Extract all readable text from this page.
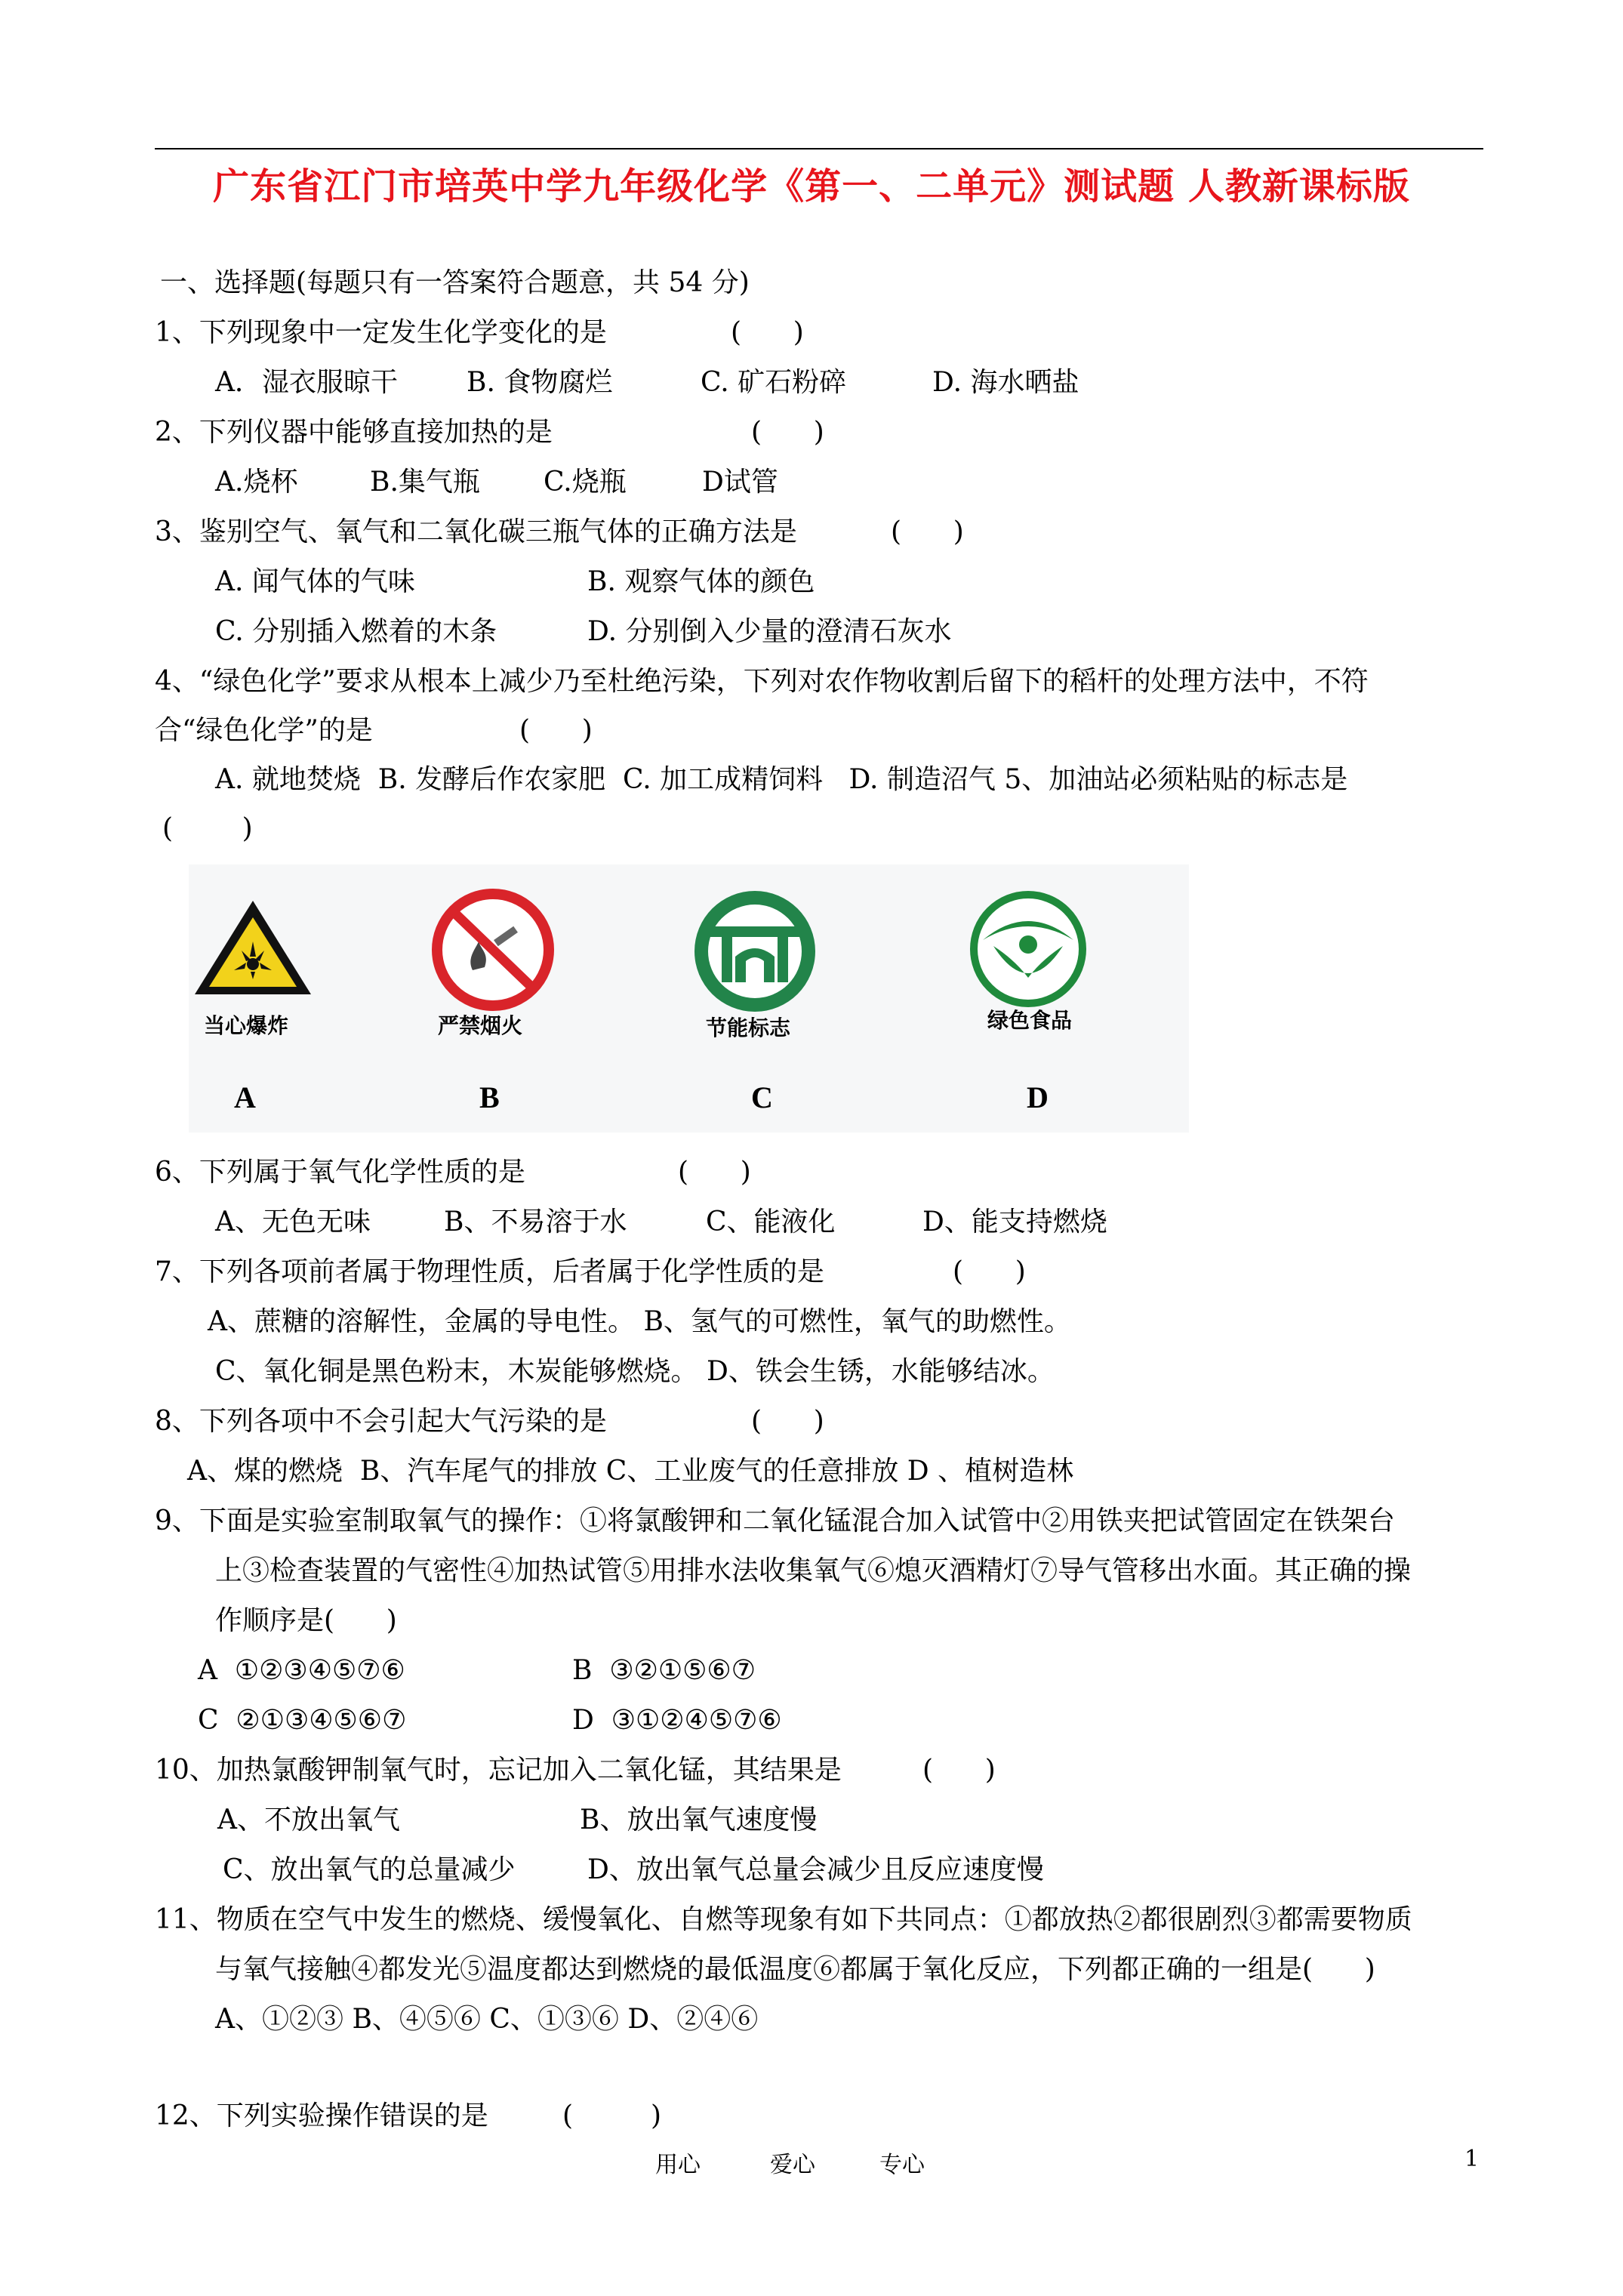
广东省江门市培英中学九年级化学《第一、二单元》测试题 人教新课标版
一、选择题(每题只有一答案符合题意，共 54 分)
1、下列现象中一定发生化学变化的是	(      )
A．湿衣服晾干	B. 食物腐烂	C. 矿石粉碎	D. 海水晒盐
2、下列仪器中能够直接加热的是	(      )
A.烧杯	B.集气瓶 C.烧瓶	D试管
3、鉴别空气、氧气和二氧化碳三瓶气体的正确方法是	(      )
A. 闻气体的气味	B. 观察气体的颜色
C. 分别插入燃着的木条	D. 分别倒入少量的澄清石灰水
4、“绿色化学”要求从根本上减少乃至杜绝污染，下列对农作物收割后留下的稻杆的处理方法中，不符
合“绿色化学”的是	(      )
A. 就地焚烧  B. 发酵后作农家肥  C. 加工成精饲料   D. 制造沼气 5、加油站必须粘贴的标志是
(        )
当心爆炸
A
严禁烟火
B
节能标志
C
绿色食品
D
6、下列属于氧气化学性质的是	(      )
A、无色无味	B、不易溶于水	C、能液化	D、能支持燃烧
7、下列各项前者属于物理性质，后者属于化学性质的是	(      )
A、蔗糖的溶解性，金属的导电性。 B、氢气的可燃性，氧气的助燃性。
C、氧化铜是黑色粉末，木炭能够燃烧。 D、铁会生锈，水能够结冰。
8、下列各项中不会引起大气污染的是	(      )
A、煤的燃烧  B、汽车尾气的排放 C、工业废气的任意排放 D 、植树造林
9、下面是实验室制取氧气的操作：①将氯酸钾和二氧化锰混合加入试管中②用铁夹把试管固定在铁架台
上③检查装置的气密性④加热试管⑤用排水法收集氧气⑥熄灭酒精灯⑦导气管移出水面。其正确的操
作顺序是(      )
A  ①②③④⑤⑦⑥	B  ③②①⑤⑥⑦
C  ②①③④⑤⑥⑦	D  ③①②④⑤⑦⑥
10、加热氯酸钾制氧气时，忘记加入二氧化锰，其结果是	(      )
A、不放出氧气	B、放出氧气速度慢
C、放出氧气的总量减少	D、放出氧气总量会减少且反应速度慢
11、物质在空气中发生的燃烧、缓慢氧化、自燃等现象有如下共同点：①都放热②都很剧烈③都需要物质
与氧气接触④都发光⑤温度都达到燃烧的最低温度⑥都属于氧化反应，下列都正确的一组是(      )
A、①②③ B、④⑤⑥ C、①③⑥ D、②④⑥
12、下列实验操作错误的是	(         )
用心	爱心	专心	1
